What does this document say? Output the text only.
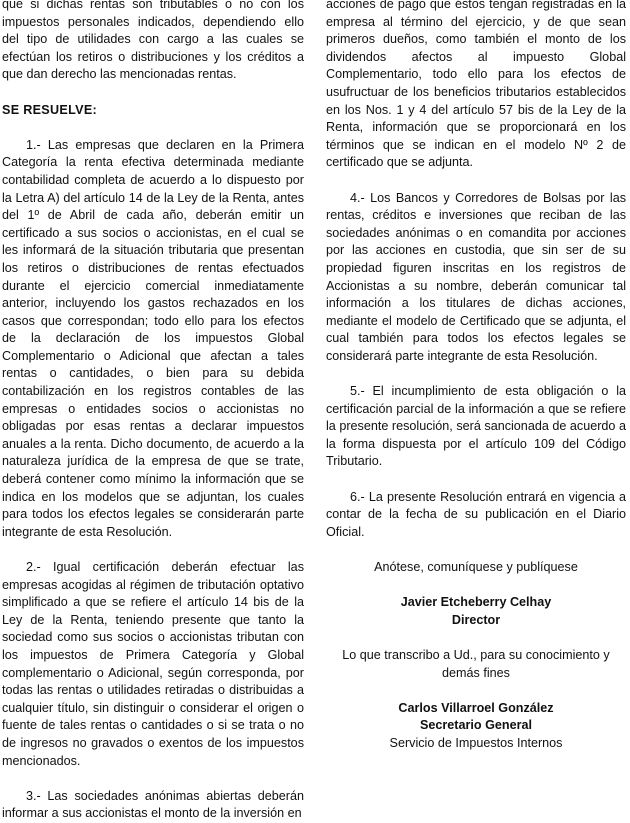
que si dichas rentas son tributables o no con los impuestos personales indicados, dependiendo ello del tipo de utilidades con cargo a las cuales se efectúan los retiros o distribuciones y los créditos a que dan derecho las mencionadas rentas.

SE RESUELVE:

1.- Las empresas que declaren en la Primera Categoría la renta efectiva determinada mediante contabilidad completa de acuerdo a lo dispuesto por la Letra A) del artículo 14 de la Ley de la Renta, antes del 1º de Abril de cada año, deberán emitir un certificado a sus socios o accionistas, en el cual se les informará de la situación tributaria que presentan los retiros o distribuciones de rentas efectuados durante el ejercicio comercial inmediatamente anterior, incluyendo los gastos rechazados en los casos que correspondan; todo ello para los efectos de la declaración de los impuestos Global Complementario o Adicional que afectan a tales rentas o cantidades, o bien para su debida contabilización en los registros contables de las empresas o entidades socios o accionistas no obligadas por esas rentas a declarar impuestos anuales a la renta. Dicho documento, de acuerdo a la naturaleza jurídica de la empresa de que se trate, deberá contener como mínimo la información que se indica en los modelos que se adjuntan, los cuales para todos los efectos legales se considerarán parte integrante de esta Resolución.

2.- Igual certificación deberán efectuar las empresas acogidas al régimen de tributación optativo simplificado a que se refiere el artículo 14 bis de la Ley de la Renta, teniendo presente que tanto la sociedad como sus socios o accionistas tributan con los impuestos de Primera Categoría y Global complementario o Adicional, según corresponda, por todas las rentas o utilidades retiradas o distribuidas a cualquier título, sin distinguir o considerar el origen o fuente de tales rentas o cantidades o si se trata o no de ingresos no gravados o exentos de los impuestos mencionados.

3.- Las sociedades anónimas abiertas deberán informar a sus accionistas el monto de la inversión en

acciones de pago que éstos tengan registradas en la empresa al término del ejercicio, y de que sean primeros dueños, como también el monto de los dividendos afectos al impuesto Global Complementario, todo ello para los efectos de usufructuar de los beneficios tributarios establecidos en los Nos. 1 y 4 del artículo 57 bis de la Ley de la Renta, información que se proporcionará en los términos que se indican en el modelo Nº 2 de certificado que se adjunta.

4.- Los Bancos y Corredores de Bolsas por las rentas, créditos e inversiones que reciban de las sociedades anónimas o en comandita por acciones por las acciones en custodia, que sin ser de su propiedad figuren inscritas en los registros de Accionistas a su nombre, deberán comunicar tal información a los titulares de dichas acciones, mediante el modelo de Certificado que se adjunta, el cual también para todos los efectos legales se considerará parte integrante de esta Resolución.

5.- El incumplimiento de esta obligación o la certificación parcial de la información a que se refiere la presente resolución, será sancionada de acuerdo a la forma dispuesta por el artículo 109 del Código Tributario.

6.- La presente Resolución entrará en vigencia a contar de la fecha de su publicación en el Diario Oficial.

Anótese, comuníquese y publíquese

Javier Etcheberry Celhay

Director

Lo que transcribo a Ud., para su conocimiento y demás fines

Carlos Villarroel González

Secretario General

Servicio de Impuestos Internos
